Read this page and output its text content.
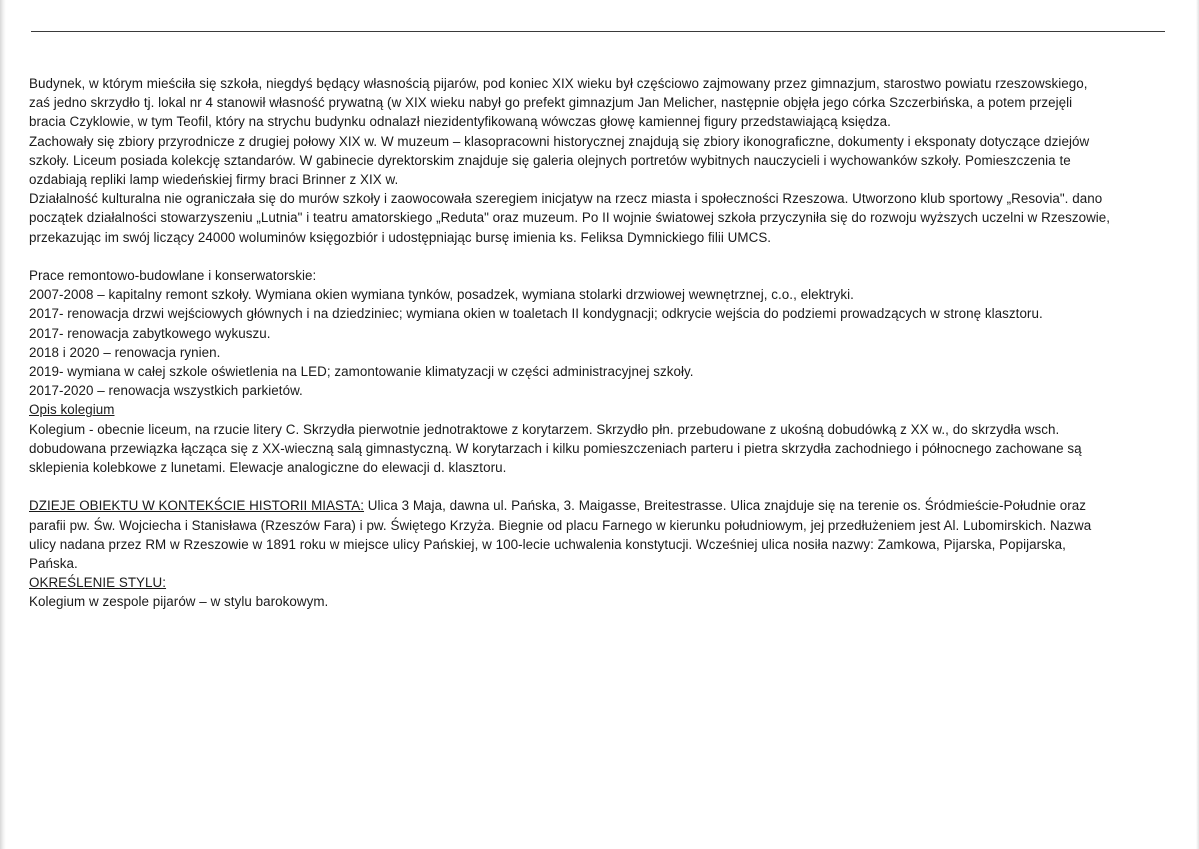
Budynek, w którym mieściła się szkoła, niegdyś będący własnością pijarów, pod koniec XIX wieku był częściowo zajmowany przez gimnazjum, starostwo powiatu rzeszowskiego,
zaś jedno skrzydło tj. lokal nr 4 stanowił własność prywatną (w XIX wieku nabył go prefekt gimnazjum Jan Melicher, następnie objęła jego córka Szczerbińska, a potem przejęli
bracia Czyklowie, w tym Teofil, który na strychu budynku odnalazł niezidentyfikowaną wówczas głowę kamiennej figury przedstawiającą księdza.
Zachowały się zbiory przyrodnicze z drugiej połowy XIX w. W muzeum – klasopracowni historycznej znajdują się zbiory ikonograficzne, dokumenty i eksponaty dotyczące dziejów
szkoły. Liceum posiada kolekcję sztandarów. W gabinecie dyrektorskim znajduje się galeria olejnych portretów wybitnych nauczycieli i wychowanków szkoły. Pomieszczenia te
ozdabiają repliki lamp wiedeńskiej firmy braci Brinner z XIX w.
Działalność kulturalna nie ograniczała się do murów szkoły i zaowocowała szeregiem inicjatyw na rzecz miasta i społeczności Rzeszowa. Utworzono klub sportowy „Resovia". dano
początek działalności stowarzyszeniu „Lutnia" i teatru amatorskiego „Reduta" oraz muzeum. Po II wojnie światowej szkoła przyczyniła się do rozwoju wyższych uczelni w Rzeszowie,
przekazując im swój liczący 24000 woluminów księgozbiór i udostępniając bursę imienia ks. Feliksa Dymnickiego filii UMCS.

Prace remontowo-budowlane i konserwatorskie:
2007-2008 – kapitalny remont szkoły. Wymiana okien wymiana tynków, posadzek, wymiana stolarki drzwiowej wewnętrznej, c.o., elektryki.
2017- renowacja drzwi wejściowych głównych i na dziedziniec; wymiana okien w toaletach II kondygnacji; odkrycie wejścia do podziemi prowadzących w stronę klasztoru.
2017- renowacja zabytkowego wykuszu.
2018 i 2020 – renowacja rynien.
2019- wymiana w całej szkole oświetlenia na LED; zamontowanie klimatyzacji w części administracyjnej szkoły.
2017-2020 – renowacja wszystkich parkietów.

Opis kolegium
Kolegium - obecnie liceum, na rzucie litery C. Skrzydła pierwotnie jednotraktowe z korytarzem. Skrzydło płn. przebudowane z ukośną dobudówką z XX w., do skrzydła wsch.
dobudowana przewiązka łącząca się z XX-wieczną salą gimnastyczną. W korytarzach i kilku pomieszczeniach parteru i pietra skrzydła zachodniego i północnego zachowane są
sklepienia kolebkowe z lunetami. Elewacje analogiczne do elewacji d. klasztoru.

DZIEJE OBIEKTU W KONTEKŚCIE HISTORII MIASTA: Ulica 3 Maja, dawna ul. Pańska, 3. Maigasse, Breitestrasse. Ulica znajduje się na terenie os. Śródmieście-Południe oraz
parafii pw. Św. Wojciecha i Stanisława (Rzeszów Fara) i pw. Świętego Krzyża. Biegnie od placu Farnego w kierunku południowym, jej przedłużeniem jest Al. Lubomirskich. Nazwa
ulicy nadana przez RM w Rzeszowie w 1891 roku w miejsce ulicy Pańskiej, w 100-lecie uchwalenia konstytucji. Wcześniej ulica nosiła nazwy: Zamkowa, Pijarska, Popijarska,
Pańska.

OKREŚLENIE STYLU:
Kolegium w zespole pijarów – w stylu barokowym.
